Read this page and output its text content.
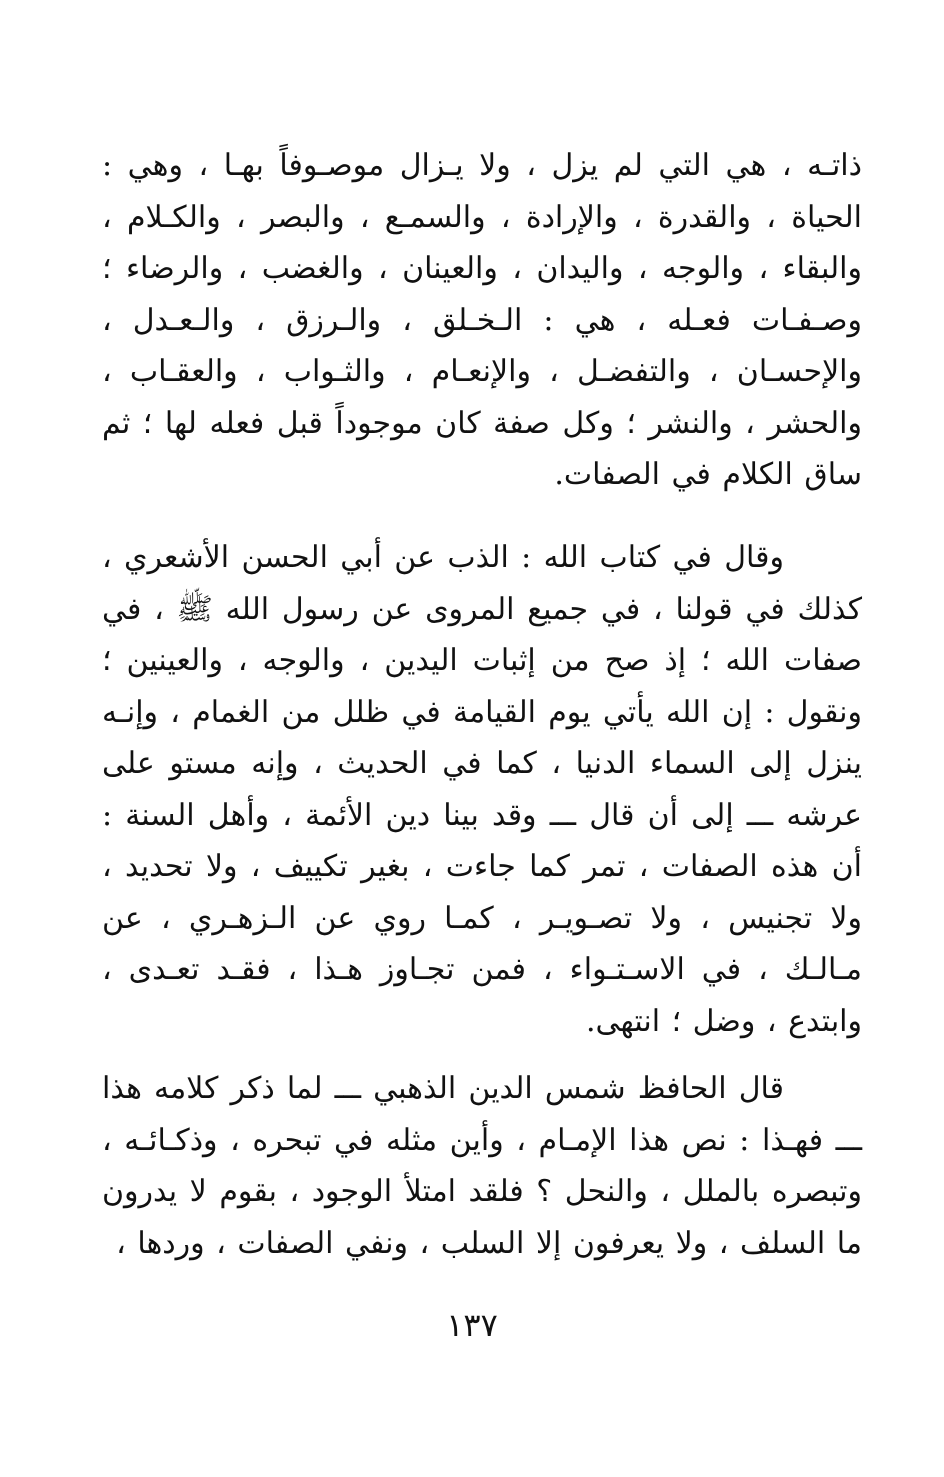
ذاتـه ، هي التي لم يزل ، ولا يـزال موصـوفاً بهـا ، وهي : الحياة ، والقدرة ، والإرادة ، والسمـع ، والبصر ، والكـلام ، والبقاء ، والوجه ، واليدان ، والعينان ، والغضب ، والرضاء ؛ وصـفـات فعـله ، هي : الـخـلق ، والـرزق ، والـعـدل ، والإحسـان ، والتفضـل ، والإنعـام ، والثـواب ، والعقـاب ، والحشر ، والنشر ؛ وكل صفة كان موجوداً قبل فعله لها ؛ ثم ساق الكلام في الصفات.

وقال في كتاب الله : الذب عن أبي الحسن الأشعري ، كذلك في قولنا ، في جميع المروى عن رسول الله ﷺ ، في صفات الله ؛ إذ صح من إثبات اليدين ، والوجه ، والعينين ؛ ونقول : إن الله يأتي يوم القيامة في ظلل من الغمام ، وإنـه ينزل إلى السماء الدنيا ، كما في الحديث ، وإنه مستو على عرشه ـــ إلى أن قال ـــ وقد بينا دين الأئمة ، وأهل السنة : أن هذه الصفات ، تمر كما جاءت ، بغير تكييف ، ولا تحديد ، ولا تجنيس ، ولا تصـويـر ، كمـا روي عن الـزهـري ، عن مـالـك ، في الاسـتـواء ، فمن تجـاوز هـذا ، فقـد تعـدى ، وابتدع ، وضل ؛ انتهى.

قال الحافظ شمس الدين الذهبي ـــ لما ذكر كلامه هذا ـــ فهـذا : نص هذا الإمـام ، وأين مثله في تبحره ، وذكـائـه ، وتبصره بالملل ، والنحل ؟ فلقد امتلأ الوجود ، بقوم لا يدرون ما السلف ، ولا يعرفون إلا السلب ، ونفي الصفات ، وردها ،

١٣٧
